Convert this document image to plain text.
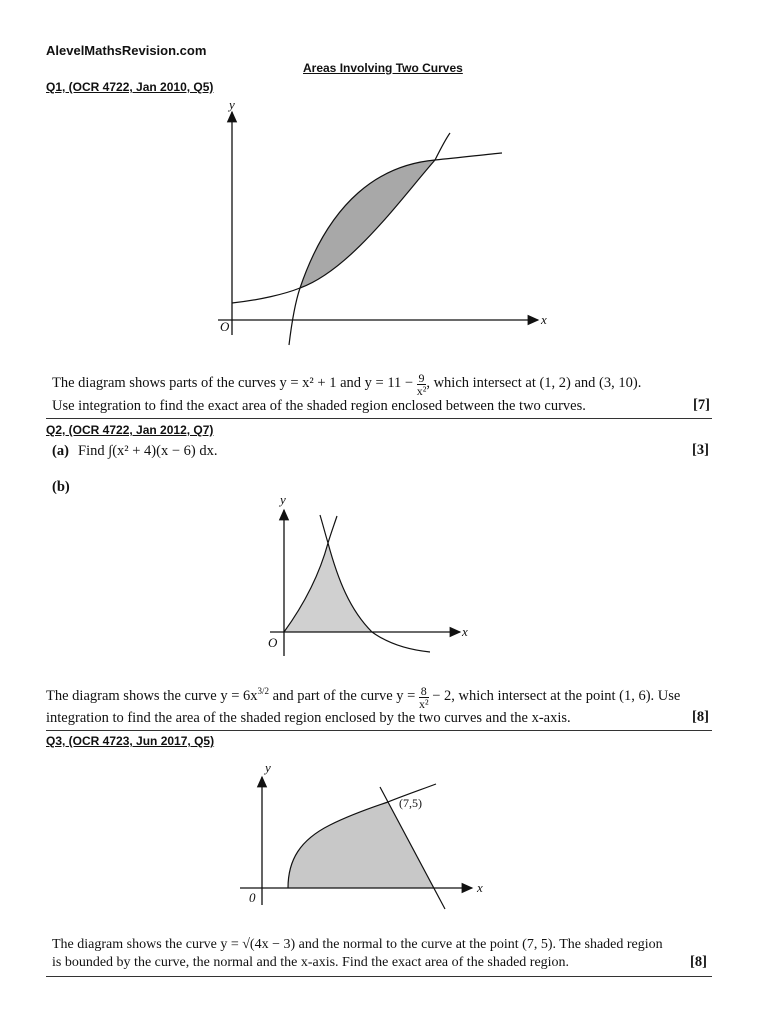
AlevelMathsRevision.com
Areas Involving Two Curves
Q1, (OCR 4722, Jan 2010, Q5)
y
x
O
The diagram shows parts of the curves y = x² + 1 and $y = 11 - \frac{9}{\text{x²}}$ , which intersect at (1, 2) and (3, 10).
Use integration to find the exact area of the shaded region enclosed between the two curves.	[7]
Q2, (OCR 4722, Jan 2012, Q7)
(a) Find ∫(x² + 4)(x − 6) dx.	[3]
(b)
y
x
O
The diagram shows the curve $y = 6x^{3/2}$ and part of the curve $y = \frac{8}{\text{x²}} - 2$, which intersect at the point (1, 6). Use
integration to find the area of the shaded region enclosed by the two curves and the x-axis.	[8]
Q3, (OCR 4723, Jun 2017, Q5)
y
x
0
(7,5)
The diagram shows the curve y = √(4x − 3) and the normal to the curve at the point (7, 5). The shaded region
is bounded by the curve, the normal and the x-axis. Find the exact area of the shaded region.	[8]
